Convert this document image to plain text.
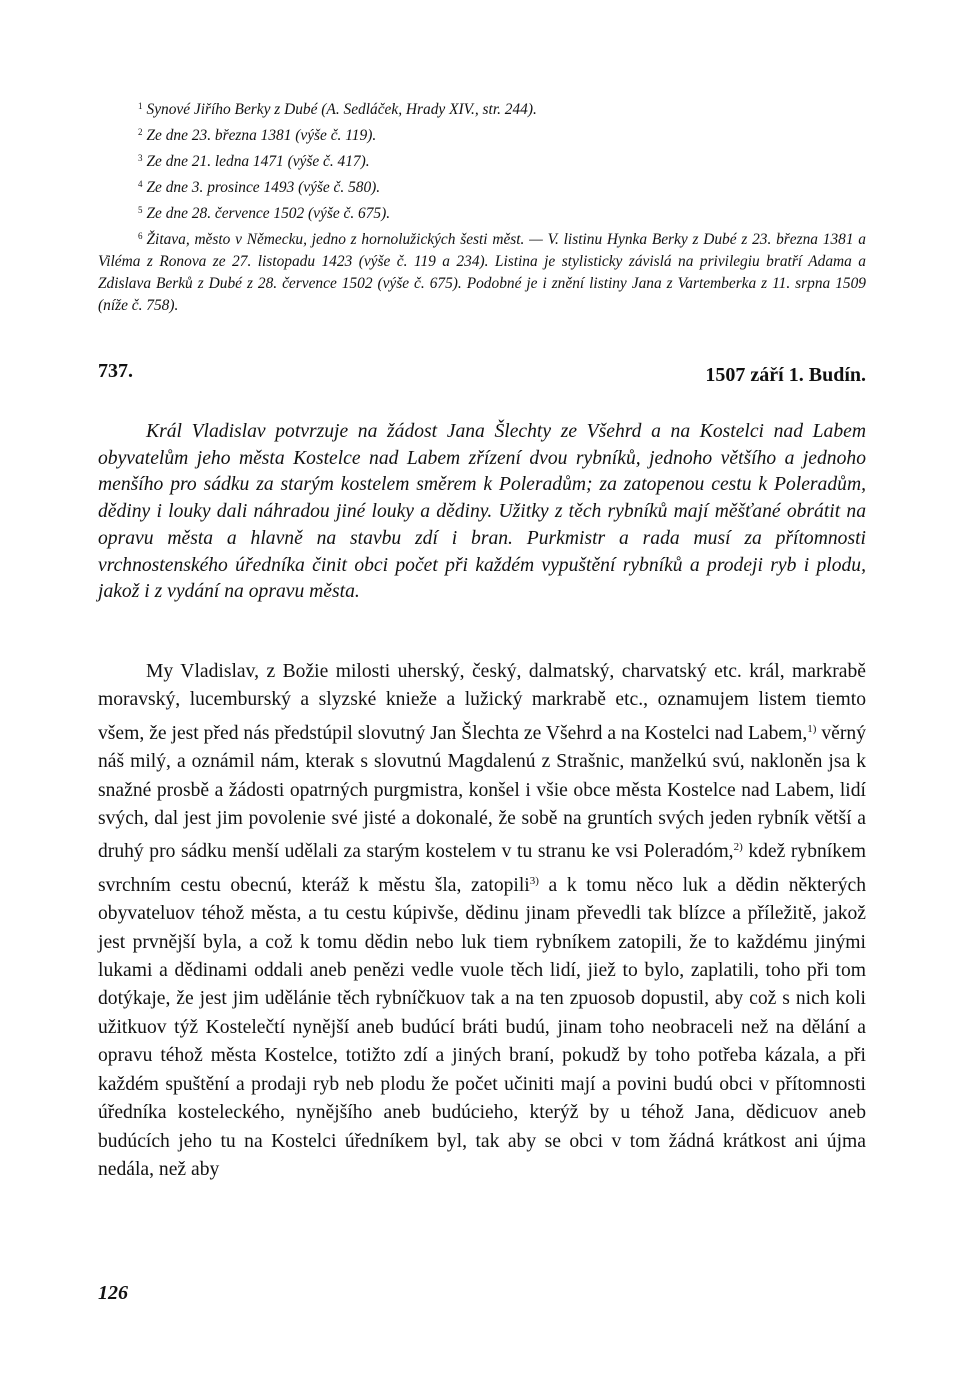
$^1$ Synové Jiřího Berky z Dubé (A. Sedláček, Hrady XIV., str. 244).
$^2$ Ze dne 23. března 1381 (výše č. 119).
$^3$ Ze dne 21. ledna 1471 (výše č. 417).
$^4$ Ze dne 3. prosince 1493 (výše č. 580).
$^5$ Ze dne 28. července 1502 (výše č. 675).
$^6$ Žitava, město v Německu, jedno z hornolužických šesti měst. — V. listinu Hynka Berky z Dubé z 23. března 1381 a Viléma z Ronova ze 27. listopadu 1423 (výše č. 119 a 234). Listina je stylisticky závislá na privilegiu bratří Adama a Zdislava Berků z Dubé z 28. července 1502 (výše č. 675). Podobné je i znění listiny Jana z Vartemberka z 11. srpna 1509 (níže č. 758).
737.	1507 září 1. Budín.

Král Vladislav potvrzuje na žádost Jana Šlechty ze Všehrd a na Kostelci nad Labem obyvatelům jeho města Kostelce nad Labem zřízení dvou rybníků, jednoho většího a jednoho menšího pro sádku za starým kostelem směrem k Poleradům; za zatopenou cestu k Poleradům, dědiny i louky dali náhradou jiné louky a dědiny. Užitky z těch rybníků mají měšťané obrátit na opravu města a hlavně na stavbu zdí i bran. Purkmistr a rada musí za přítomnosti vrchnostenského úředníka činit obci počet při každém vypuštění rybníků a prodeji ryb i plodu, jakož i z vydání na opravu města.

My Vladislav, z Božie milosti uherský, český, dalmatský, charvatský etc. král, markrabě moravský, lucemburský a slyzské knieže a lužický markrabě etc., oznamujem listem tiemto všem, že jest před nás předstúpil slovutný Jan Šlechta ze Všehrd a na Kostelci nad Labem,$^{1)}$ věrný náš milý, a oznámil nám, kterak s slovutnú Magdalenú z Strašnic, manželkú svú, nakloněn jsa k snažné prosbě a žádosti opatrných purgmistra, konšel i všie obce města Kostelce nad Labem, lidí svých, dal jest jim povolenie své jisté a dokonalé, že sobě na gruntích svých jeden rybník větší a druhý pro sádku menší udělali za starým kostelem v tu stranu ke vsi Poleradóm,$^{2)}$ kdež rybníkem svrchním cestu obecnú, kteráž k městu šla, zatopili$^{3)}$ a k tomu něco luk a dědin některých obyvateluov téhož města, a tu cestu kúpivše, dědinu jinam převedli tak blízce a příležitě, jakož jest prvnější byla, a což k tomu dědin nebo luk tiem rybníkem zatopili, že to každému jinými lukami a dědinami oddali aneb penězi vedle vuole těch lidí, jiež to bylo, zaplatili, toho při tom dotýkaje, že jest jim udělánie těch rybníčkuov tak a na ten zpuosob dopustil, aby což s nich koli užitkuov týž Kostelečtí nynější aneb budúcí bráti budú, jinam toho neobraceli než na dělání a opravu téhož města Kostelce, totižto zdí a jiných braní, pokudž by toho potřeba kázala, a při každém spuštění a prodaji ryb neb plodu že počet učiniti mají a povini budú obci v přítomnosti úředníka kosteleckého, nynějšího aneb budúcieho, kterýž by u téhož Jana, dědicuov aneb budúcích jeho tu na Kostelci úředníkem byl, tak aby se obci v tom žádná krátkost ani újma nedála, než aby

126
